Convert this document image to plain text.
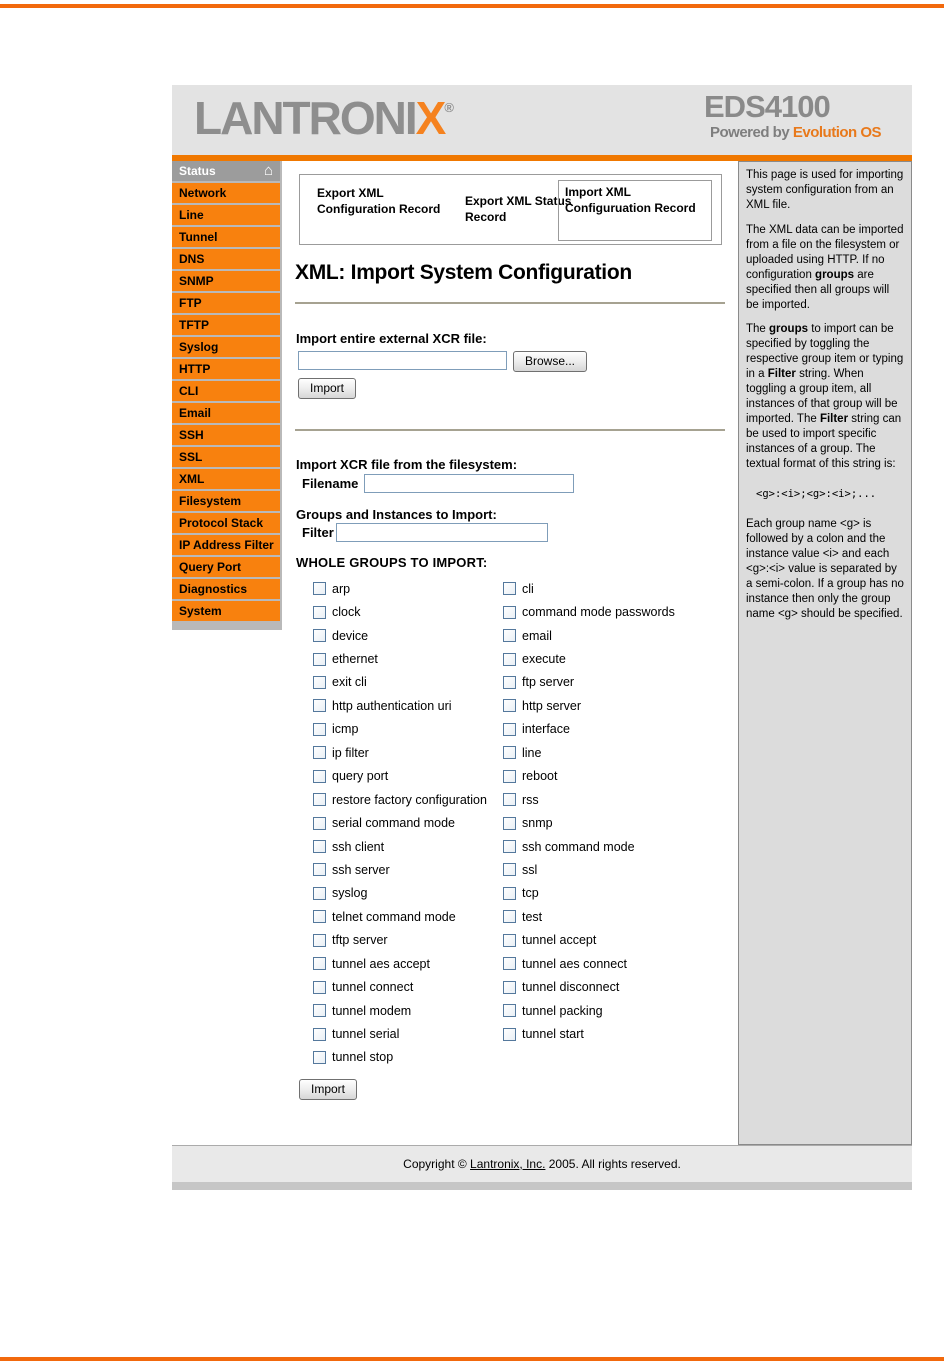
LANTRONIX®	EDS4100
Powered by Evolution OS
Status	⌂
Network
Line
Tunnel
DNS
SNMP
FTP
TFTP
Syslog
HTTP
CLI
Email
SSH
SSL
XML
Filesystem
Protocol Stack
IP Address Filter
Query Port
Diagnostics
System
Export XML Configuration Record
Export XML Status Record
Import XML Configuruation Record
XML: Import System Configuration
Import entire external XCR file:
Browse...
Import
Import XCR file from the filesystem:
Filename
Groups and Instances to Import:
Filter
WHOLE GROUPS TO IMPORT:
arp
clock
device
ethernet
exit cli
http authentication uri
icmp
ip filter
query port
restore factory configuration
serial command mode
ssh client
ssh server
syslog
telnet command mode
tftp server
tunnel aes accept
tunnel connect
tunnel modem
tunnel serial
tunnel stop
cli
command mode passwords
email
execute
ftp server
http server
interface
line
reboot
rss
snmp
ssh command mode
ssl
tcp
test
tunnel accept
tunnel aes connect
tunnel disconnect
tunnel packing
tunnel start
Import

This page is used for importing system configuration from an XML file.

The XML data can be imported from a file on the filesystem or uploaded using HTTP. If no configuration groups are specified then all groups will be imported.

The groups to import can be specified by toggling the respective group item or typing in a Filter string. When toggling a group item, all instances of that group will be imported. The Filter string can be used to import specific instances of a group. The textual format of this string is:

<g>:<i>;<g>:<i>;...

Each group name <g> is followed by a colon and the instance value <i> and each <g>:<i> value is separated by a semi-colon. If a group has no instance then only the group name <g> should be specified.

Copyright © Lantronix, Inc. 2005. All rights reserved.
